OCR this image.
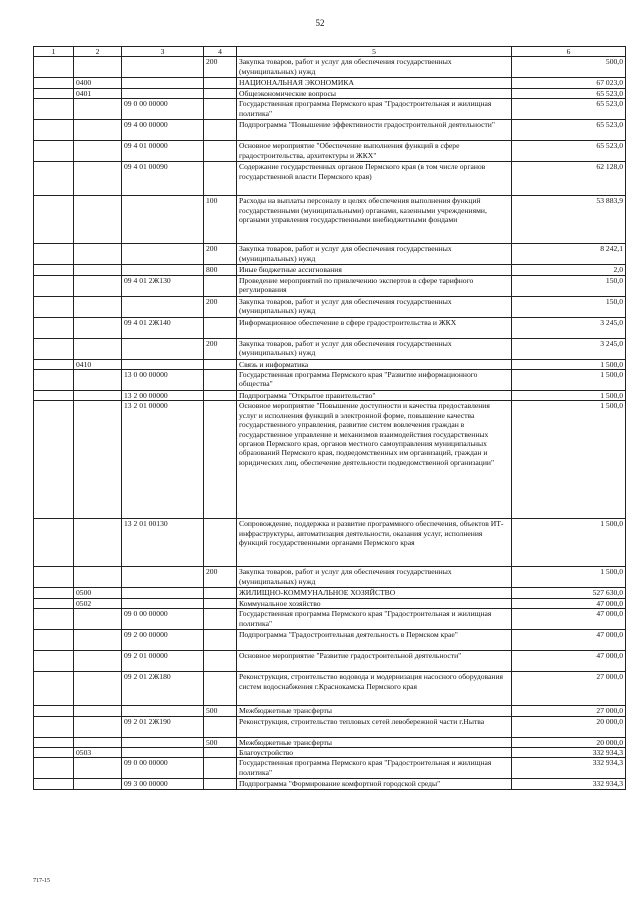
52
1	2	3	4	5	6
			200	Закупка товаров, работ и услуг для обеспечения государственных (муниципальных) нужд	500,0
	0400			НАЦИОНАЛЬНАЯ ЭКОНОМИКА	67 023,0
	0401			Общеэкономические вопросы	65 523,0
		09 0 00 00000		Государственная программа Пермского края "Градостроительная и жилищная политика"	65 523,0
		09 4 00 00000		Подпрограмма "Повышение эффективности градостроительной деятельности"	65 523,0
		09 4 01 00000		Основное мероприятие "Обеспечение выполнения функций в сфере градостроительства, архитектуры и ЖКХ"	65 523,0
		09 4 01 00090		Содержание государственных органов Пермского края (в том числе органов государственной власти Пермского края)	62 128,0
			100	Расходы на выплаты персоналу в целях обеспечения выполнения функций государственными (муниципальными) органами, казенными учреждениями, органами управления государственными внебюджетными фондами	53 883,9
			200	Закупка товаров, работ и услуг для обеспечения государственных (муниципальных) нужд	8 242,1
			800	Иные бюджетные ассигнования	2,0
		09 4 01 2Ж130		Проведение мероприятий по привлечению экспертов в сфере тарифного регулирования	150,0
			200	Закупка товаров, работ и услуг для обеспечения государственных (муниципальных) нужд	150,0
		09 4 01 2Ж140		Информационное обеспечение в сфере градостроительства и ЖКХ	3 245,0
			200	Закупка товаров, работ и услуг для обеспечения государственных (муниципальных) нужд	3 245,0
	0410			Связь и информатика	1 500,0
		13 0 00 00000		Государственная программа Пермского края "Развитие информационного общества"	1 500,0
		13 2 00 00000		Подпрограмма "Открытое правительство"	1 500,0
		13 2 01 00000		Основное мероприятие "Повышение доступности и качества предоставления услуг и исполнения функций в электронной форме, повышение качества государственного управления, развитие систем вовлечения граждан в государственное управление и механизмов взаимодействия государственных органов Пермского края, органов местного самоуправления муниципальных образований Пермского края, подведомственных им организаций, граждан и юридических лиц, обеспечение деятельности подведомственной организации"	1 500,0
		13 2 01 00130		Сопровождение, поддержка и развитие программного обеспечения, объектов ИТ-инфраструктуры, автоматизация деятельности, оказания услуг, исполнения функций государственными органами Пермского края	1 500,0
			200	Закупка товаров, работ и услуг для обеспечения государственных (муниципальных) нужд	1 500,0
	0500			ЖИЛИЩНО-КОММУНАЛЬНОЕ ХОЗЯЙСТВО	527 630,0
	0502			Коммунальное хозяйство	47 000,0
		09 0 00 00000		Государственная программа Пермского края "Градостроительная и жилищная политика"	47 000,0
		09 2 00 00000		Подпрограмма "Градостроительная деятельность в Пермском крае"	47 000,0
		09 2 01 00000		Основное мероприятие "Развитие градостроительной деятельности"	47 000,0
		09 2 01 2Ж180		Реконструкция, строительство водовода и модернизация насосного оборудования систем водоснабжения г.Краснокамска Пермского края	27 000,0
			500	Межбюджетные трансферты	27 000,0
		09 2 01 2Ж190		Реконструкция, строительство тепловых сетей левобережной части г.Нытва	20 000,0
			500	Межбюджетные трансферты	20 000,0
	0503			Благоустройство	332 934,3
		09 0 00 00000		Государственная программа Пермского края "Градостроительная и жилищная политика"	332 934,3
		09 3 00 00000		Подпрограмма "Формирование комфортной городской среды"	332 934,3
717-15
